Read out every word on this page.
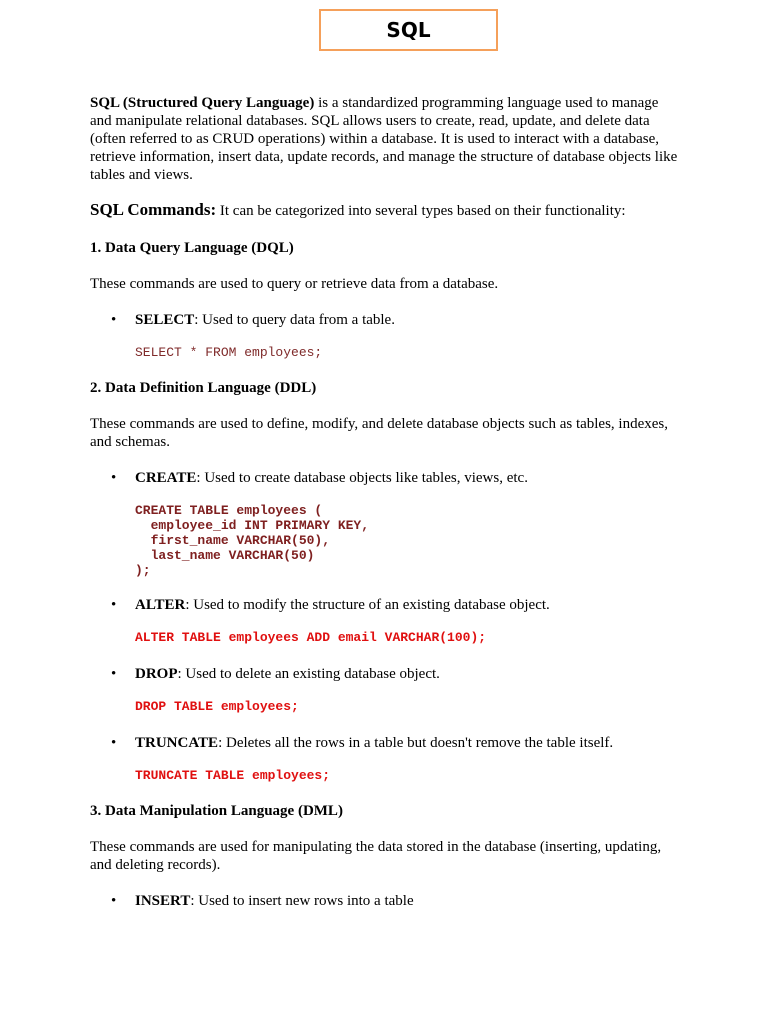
SQL

SQL (Structured Query Language) is a standardized programming language used to manage and manipulate relational databases. SQL allows users to create, read, update, and delete data (often referred to as CRUD operations) within a database. It is used to interact with a database, retrieve information, insert data, update records, and manage the structure of database objects like tables and views.

SQL Commands: It can be categorized into several types based on their functionality:

1. Data Query Language (DQL)

These commands are used to query or retrieve data from a database.

• SELECT: Used to query data from a table.
SELECT * FROM employees;

2. Data Definition Language (DDL)

These commands are used to define, modify, and delete database objects such as tables, indexes, and schemas.

• CREATE: Used to create database objects like tables, views, etc.
CREATE TABLE employees (
employee_id INT PRIMARY KEY,
first_name VARCHAR(50),
last_name VARCHAR(50)
);
• ALTER: Used to modify the structure of an existing database object.
ALTER TABLE employees ADD email VARCHAR(100);
• DROP: Used to delete an existing database object.
DROP TABLE employees;
• TRUNCATE: Deletes all the rows in a table but doesn't remove the table itself.
TRUNCATE TABLE employees;

3. Data Manipulation Language (DML)

These commands are used for manipulating the data stored in the database (inserting, updating, and deleting records).

• INSERT: Used to insert new rows into a table
